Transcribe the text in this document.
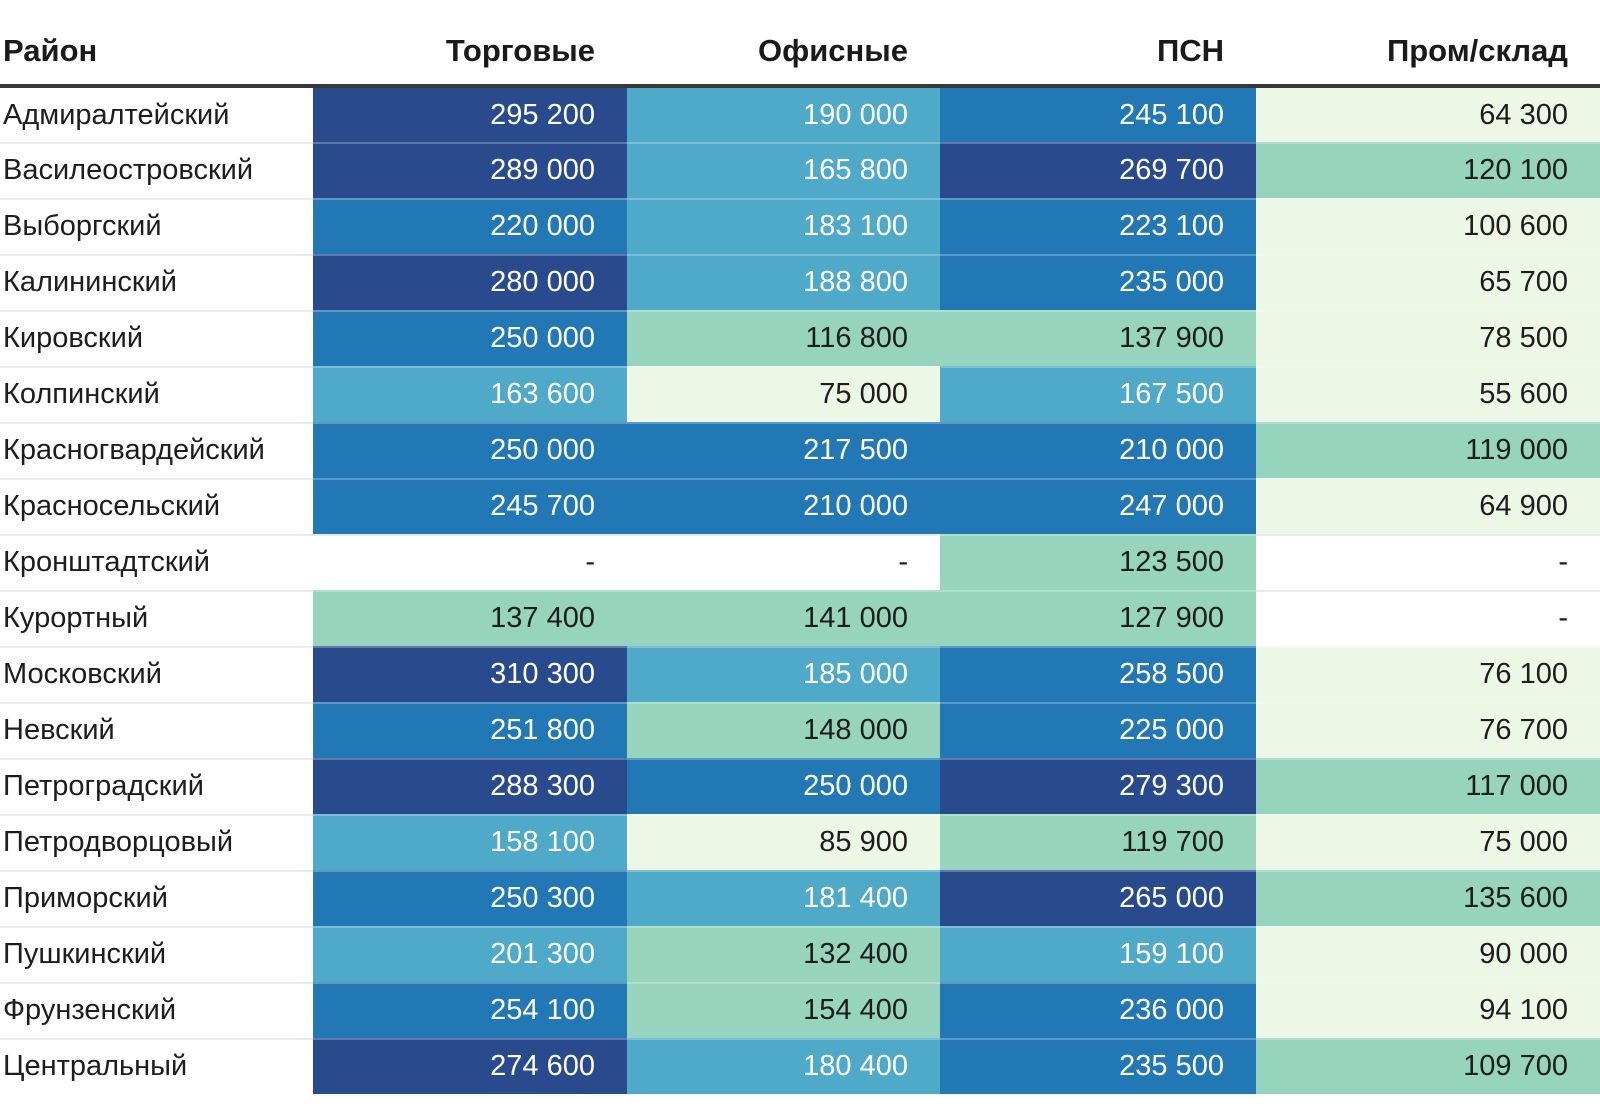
Район	Торговые	Офисные	ПСН	Пром/склад
Адмиралтейский	295 200	190 000	245 100	64 300
Василеостровский	289 000	165 800	269 700	120 100
Выборгский	220 000	183 100	223 100	100 600
Калининский	280 000	188 800	235 000	65 700
Кировский	250 000	116 800	137 900	78 500
Колпинский	163 600	75 000	167 500	55 600
Красногвардейский	250 000	217 500	210 000	119 000
Красносельский	245 700	210 000	247 000	64 900
Кронштадтский	-	-	123 500	-
Курортный	137 400	141 000	127 900	-
Московский	310 300	185 000	258 500	76 100
Невский	251 800	148 000	225 000	76 700
Петроградский	288 300	250 000	279 300	117 000
Петродворцовый	158 100	85 900	119 700	75 000
Приморский	250 300	181 400	265 000	135 600
Пушкинский	201 300	132 400	159 100	90 000
Фрунзенский	254 100	154 400	236 000	94 100
Центральный	274 600	180 400	235 500	109 700
